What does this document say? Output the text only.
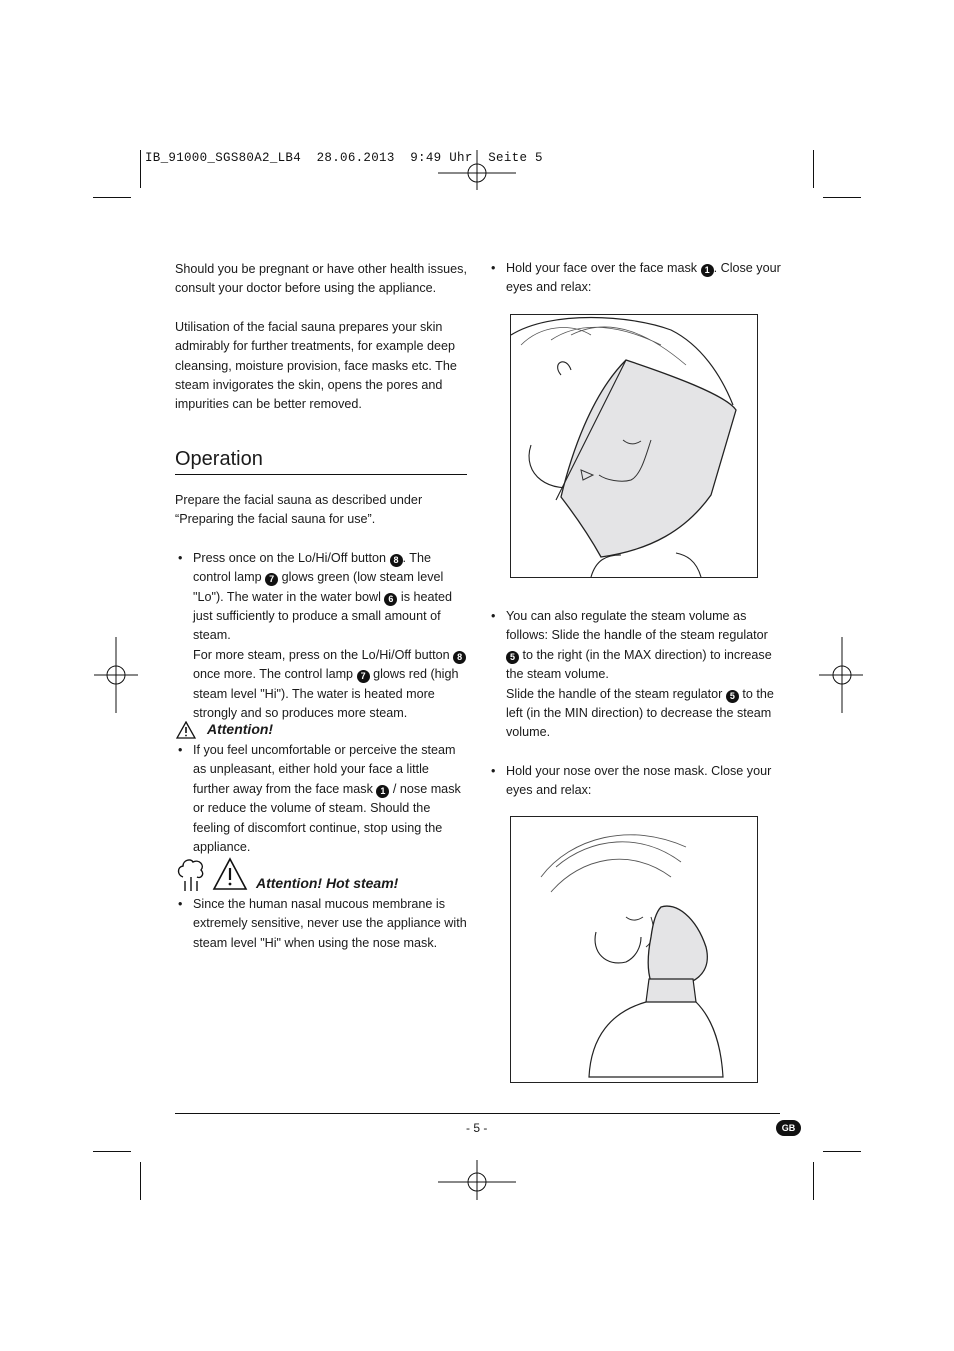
IB_91000_SGS80A2_LB4  28.06.2013  9:49 Uhr  Seite 5

Should you be pregnant or have other health issues, consult your doctor before using the appliance.

Utilisation of the facial sauna prepares your skin admirably for further treatments, for example deep cleansing, moisture provision, face masks etc. The steam invigorates the skin, opens the pores and impurities can be better removed.

Operation

Prepare the facial sauna as described under “Preparing the facial sauna for use”.

• Press once on the Lo/Hi/Off button 8 . The control lamp 7 glows green (low steam level "Lo"). The water in the water bowl 6 is heated just sufficiently to produce a small amount of steam.
For more steam, press on the Lo/Hi/Off button 8 once more. The control lamp 7 glows red (high steam level "Hi"). The water is heated more strongly and so produces more steam.
Attention!
• If you feel uncomfortable or perceive the steam as unpleasant, either hold your face a little further away from the face mask 1 / nose mask or reduce the volume of steam. Should the feeling of discomfort continue, stop using the appliance.
Attention! Hot steam!
• Since the human nasal mucous membrane is extremely sensitive, never use the appliance with steam level "Hi" when using the nose mask.
• Hold your face over the face mask 1 . Close your eyes and relax:
• You can also regulate the steam volume as follows: Slide the handle of the steam regulator 5 to the right (in the MAX direction) to increase the steam volume.
Slide the handle of the steam regulator 5 to the left (in the MIN direction) to decrease the steam volume.
• Hold your nose over the nose mask. Close your eyes and relax:
- 5 -	GB
